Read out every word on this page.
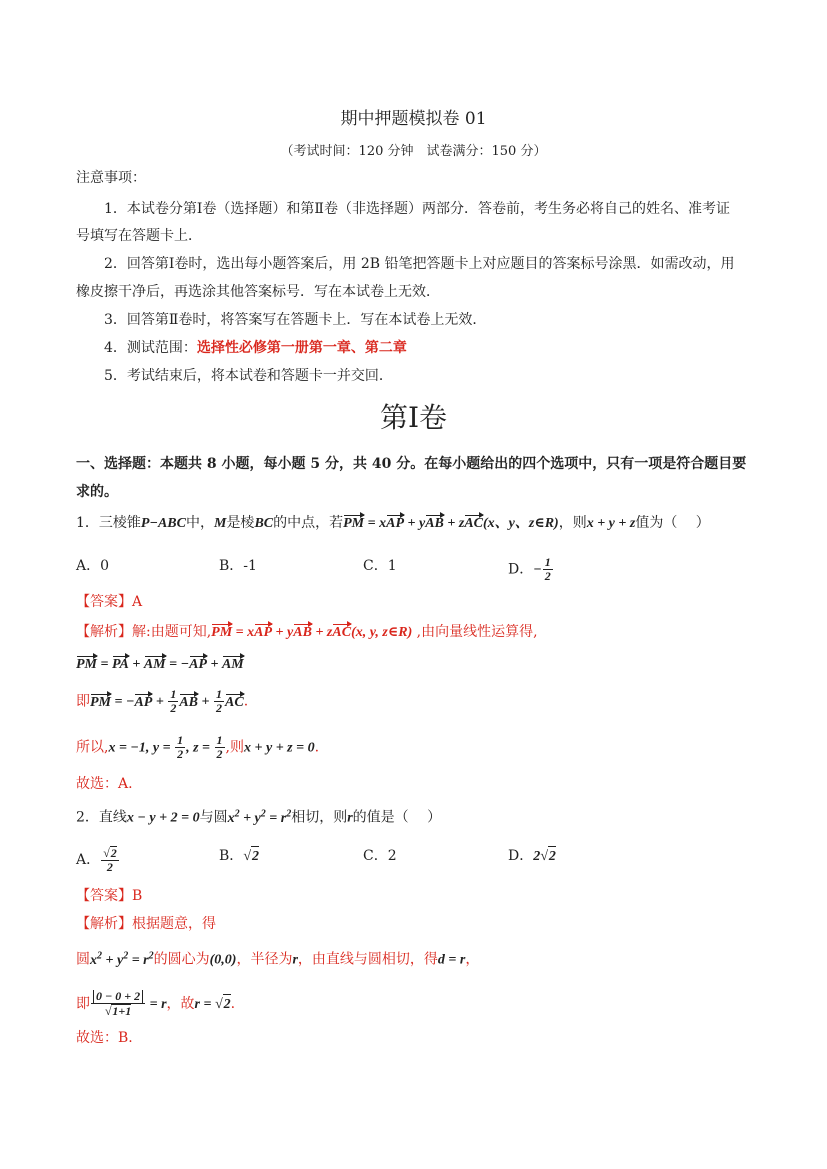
期中押题模拟卷 01
（考试时间：120 分钟　试卷满分：150 分）
注意事项：
1．本试卷分第Ⅰ卷（选择题）和第Ⅱ卷（非选择题）两部分．答卷前，考生务必将自己的姓名、准考证
号填写在答题卡上．
2．回答第Ⅰ卷时，选出每小题答案后，用 2B 铅笔把答题卡上对应题目的答案标号涂黑．如需改动，用
橡皮擦干净后，再选涂其他答案标号．写在本试卷上无效．
3．回答第Ⅱ卷时，将答案写在答题卡上．写在本试卷上无效．
4．测试范围：选择性必修第一册第一章、第二章
5．考试结束后，将本试卷和答题卡一并交回．
第Ⅰ卷
一、选择题：本题共 8 小题，每小题 5 分，共 40 分。在每小题给出的四个选项中，只有一项是符合题目要
求的。
1．三棱锥P−ABC中，M是棱BC的中点，若PM = xAP + yAB + zAC(x、y、z∈R)，则x + y + z值为（　 ）
A．0	B．-1	C．1	D．− $\frac{1}{2}$
【答案】A
【解析】解:由题可知,PM = xAP + yAB + zAC(x, y, z∈R) ,由向量线性运算得,
PM = PA + AM = −AP + AM
即PM = $-AP + \frac{1}{2}$ AB + $\frac{1}{2}$ AC.
所以,x = −1, $y = \frac{1}{2}$ , $z = \frac{1}{2}$ ,则x + y + z = 0.
故选：A.
2．直线x − y + 2 = 0与圆$x^2 + y^2 = r^2$相切，则r的值是（　 ）
A． $\frac{√2}{2}$	B．√2	C．2	D．2√2
【答案】B
【解析】根据题意，得
圆$x^2 + y^2 = r^2$的圆心为(0,0)，半径为r，由直线与圆相切，得d = r，
即 $\frac{0 - 0 + 2}{√1+1} = r$，故r = √2.
故选：B.
